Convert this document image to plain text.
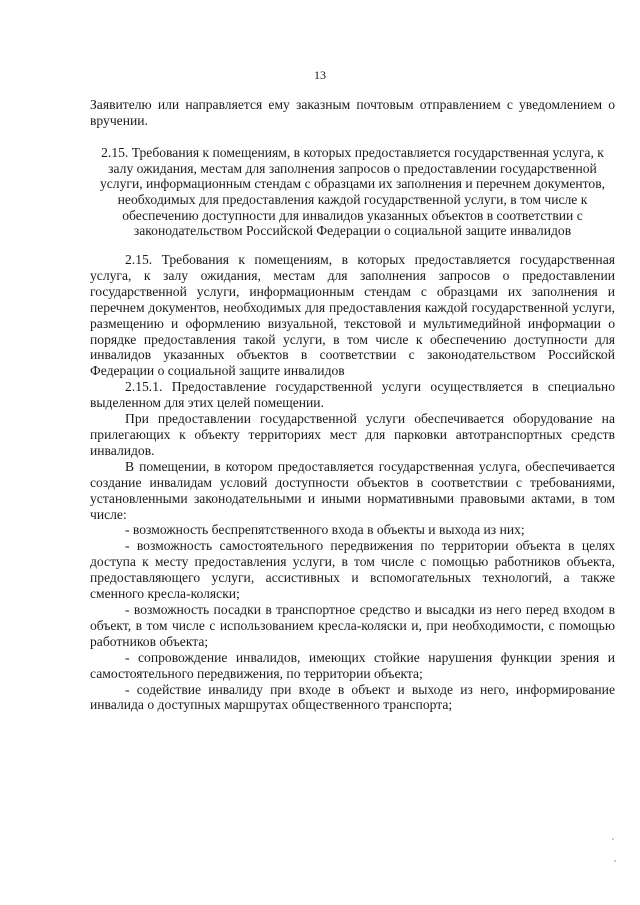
13

Заявителю или направляется ему заказным почтовым отправлением с уведомлением о вручении.

2.15. Требования к помещениям, в которых предоставляется государственная услуга, к залу ожидания, местам для заполнения запросов о предоставлении государственной услуги, информационным стендам с образцами их заполнения и перечнем документов, необходимых для предоставления каждой государственной услуги, в том числе к обеспечению доступности для инвалидов указанных объектов в соответствии с законодательством Российской Федерации о социальной защите инвалидов

2.15. Требования к помещениям, в которых предоставляется государственная услуга, к залу ожидания, местам для заполнения запросов о предоставлении государственной услуги, информационным стендам с образцами их заполнения и перечнем документов, необходимых для предоставления каждой государственной услуги, размещению и оформлению визуальной, текстовой и мультимедийной информации о порядке предоставления такой услуги, в том числе к обеспечению доступности для инвалидов указанных объектов в соответствии с законодательством Российской Федерации о социальной защите инвалидов

2.15.1. Предоставление государственной услуги осуществляется в специально выделенном для этих целей помещении.

При предоставлении государственной услуги обеспечивается оборудование на прилегающих к объекту территориях мест для парковки автотранспортных средств инвалидов.

В помещении, в котором предоставляется государственная услуга, обеспечивается создание инвалидам условий доступности объектов в соответствии с требованиями, установленными законодательными и иными нормативными правовыми актами, в том числе:

- возможность беспрепятственного входа в объекты и выхода из них;

- возможность самостоятельного передвижения по территории объекта в целях доступа к месту предоставления услуги, в том числе с помощью работников объекта, предоставляющего услуги, ассистивных и вспомогательных технологий, а также сменного кресла-коляски;

- возможность посадки в транспортное средство и высадки из него перед входом в объект, в том числе с использованием кресла-коляски и, при необходимости, с помощью работников объекта;

- сопровождение инвалидов, имеющих стойкие нарушения функции зрения и самостоятельного передвижения, по территории объекта;

- содействие инвалиду при входе в объект и выходе из него, информирование инвалида о доступных маршрутах общественного транспорта;
